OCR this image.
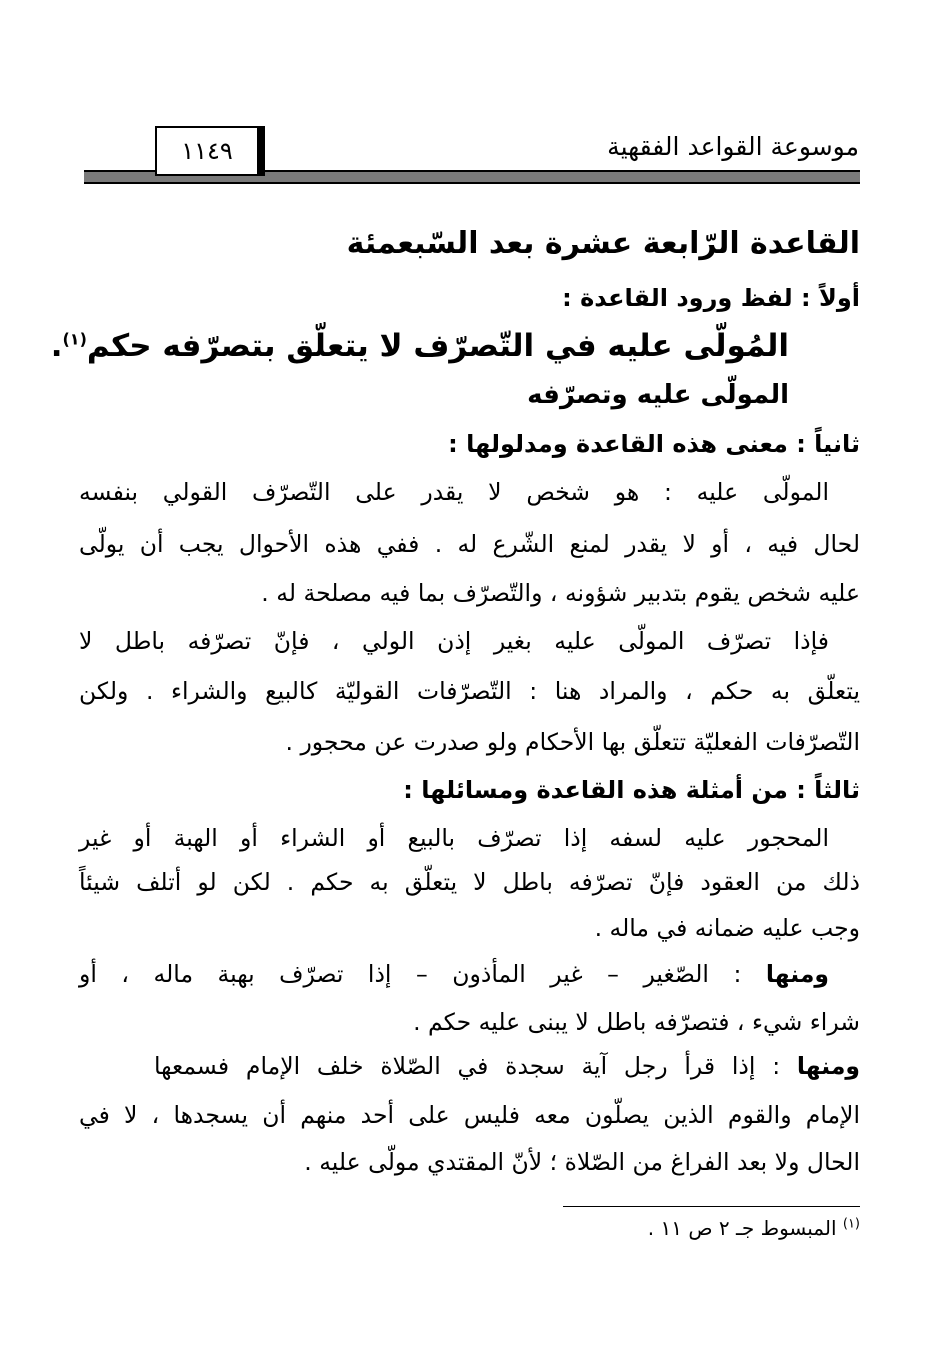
موسوعة القواعد الفقهية
١١٤٩
القاعدة الرّابعة عشرة بعد السّبعمئة
أولاً : لفظ ورود القاعدة :
المُولّى عليه في التّصرّف لا يتعلّق بتصرّفه حكم$^{(١)}$.
المولّى عليه وتصرّفه
ثانياً : معنى هذه القاعدة ومدلولها :
المولّى عليه : هو شخص لا يقدر على التّصرّف القولي بنفسه
لحال فيه ، أو لا يقدر لمنع الشّرع له . ففي هذه الأحوال يجب أن يولّى
عليه شخص يقوم بتدبير شؤونه ، والتّصرّف بما فيه مصلحة له .
فإذا تصرّف المولّى عليه بغير إذن الولي ، فإنّ تصرّفه باطل لا
يتعلّق به حكم ، والمراد هنا : التّصرّفات القوليّة كالبيع والشراء . ولكن
التّصرّفات الفعليّة تتعلّق بها الأحكام ولو صدرت عن محجور .
ثالثاً : من أمثلة هذه القاعدة ومسائلها :
المحجور عليه لسفه إذا تصرّف بالبيع أو الشراء أو الهبة أو غير
ذلك من العقود فإنّ تصرّفه باطل لا يتعلّق به حكم . لكن لو أتلف شيئاً
وجب عليه ضمانه في ماله .
ومنها : الصّغير – غير المأذون – إذا تصرّف بهبة ماله ، أو
شراء شيء ، فتصرّفه باطل لا يبنى عليه حكم .
ومنها : إذا قرأ رجل آية سجدة في الصّلاة خلف الإمام فسمعها
الإمام والقوم الذين يصلّون معه فليس على أحد منهم أن يسجدها ، لا في
الحال ولا بعد الفراغ من الصّلاة ؛ لأنّ المقتدي مولّى عليه .
$^{(١)}$ المبسوط جـ ٢ ص ١١ .
